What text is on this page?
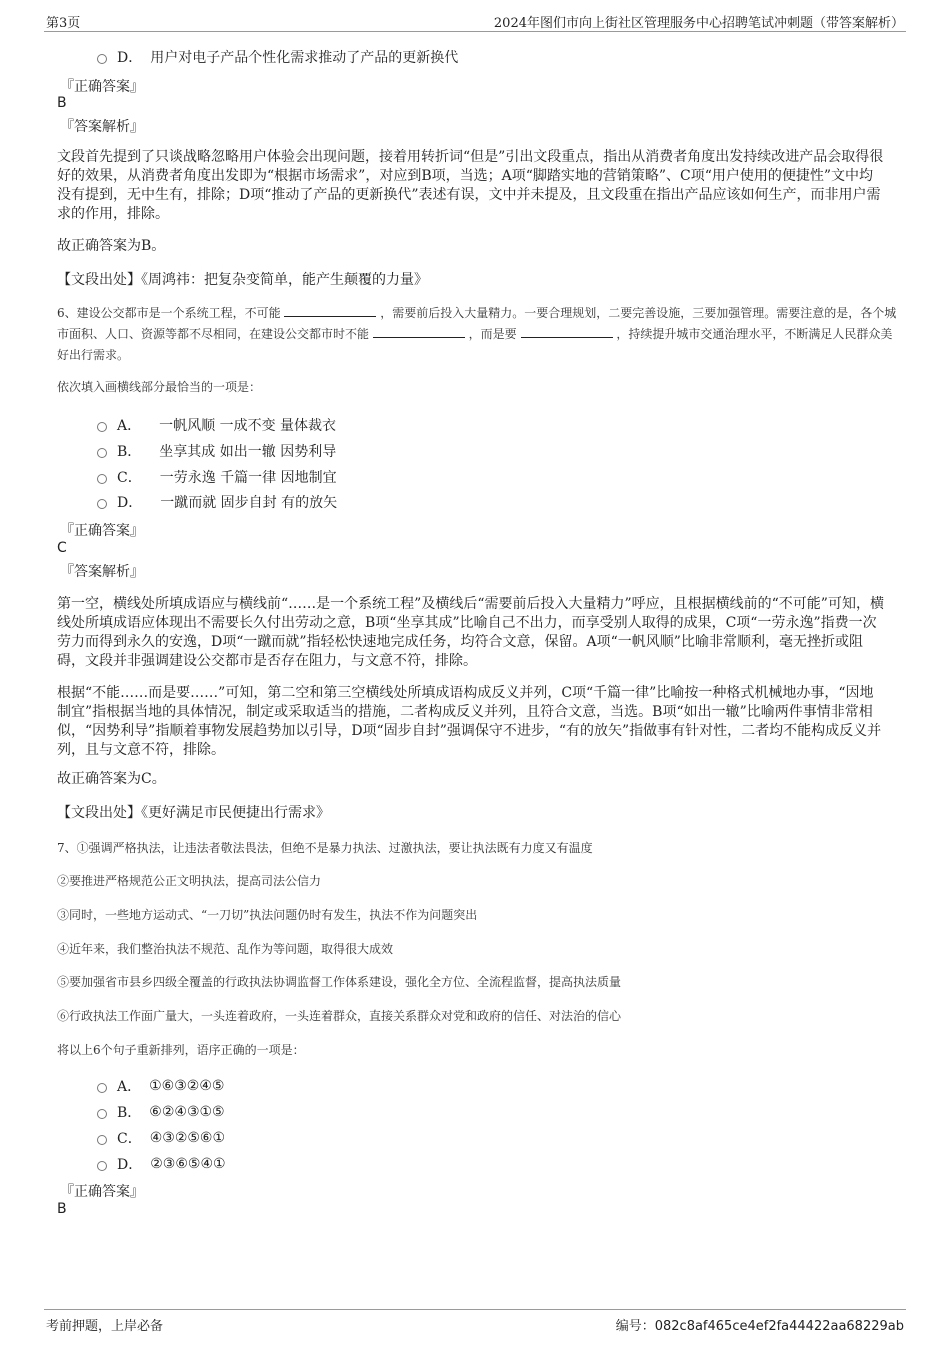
第3页	2024年图们市向上街社区管理服务中心招聘笔试冲刺题（带答案解析）
D． 用户对电子产品个性化需求推动了产品的更新换代
『正确答案』
B
『答案解析』
文段首先提到了只谈战略忽略用户体验会出现问题，接着用转折词“但是”引出文段重点，指出从消费者角度出发持续改进产品会取得很好的效果，从消费者角度出发即为“根据市场需求”，对应到B项，当选；A项“脚踏实地的营销策略”、C项“用户使用的便捷性”文中均没有提到，无中生有，排除；D项“推动了产品的更新换代”表述有误，文中并未提及，且文段重在指出产品应该如何生产，而非用户需求的作用，排除。
故正确答案为B。
【文段出处】《周鸿祎：把复杂变简单，能产生颠覆的力量》
6、建设公交都市是一个系统工程，不可能	，需要前后投入大量精力。一要合理规划，二要完善设施，三要加强管理。需要注意的是，各个城市面积、人口、资源等都不尽相同，在建设公交都市时不能	，而是要	，持续提升城市交通治理水平，不断满足人民群众美好出行需求。
依次填入画横线部分最恰当的一项是：
A． 一帆风顺 一成不变 量体裁衣
B． 坐享其成 如出一辙 因势利导
C． 一劳永逸 千篇一律 因地制宜
D． 一蹴而就 固步自封 有的放矢
『正确答案』
C
『答案解析』
第一空，横线处所填成语应与横线前“……是一个系统工程”及横线后“需要前后投入大量精力”呼应，且根据横线前的“不可能”可知，横线处所填成语应体现出不需要长久付出劳动之意，B项“坐享其成”比喻自己不出力，而享受别人取得的成果，C项“一劳永逸”指费一次劳力而得到永久的安逸，D项“一蹴而就”指轻松快速地完成任务，均符合文意，保留。A项“一帆风顺”比喻非常顺利，毫无挫折或阻碍，文段并非强调建设公交都市是否存在阻力，与文意不符，排除。
根据“不能……而是要……”可知，第二空和第三空横线处所填成语构成反义并列，C项“千篇一律”比喻按一种格式机械地办事，“因地制宜”指根据当地的具体情况，制定或采取适当的措施，二者构成反义并列，且符合文意，当选。B项“如出一辙”比喻两件事情非常相似，“因势利导”指顺着事物发展趋势加以引导，D项“固步自封”强调保守不进步，“有的放矢”指做事有针对性，二者均不能构成反义并列，且与文意不符，排除。
故正确答案为C。
【文段出处】《更好满足市民便捷出行需求》
7、①强调严格执法，让违法者敬法畏法，但绝不是暴力执法、过激执法，要让执法既有力度又有温度
②要推进严格规范公正文明执法，提高司法公信力
③同时，一些地方运动式、“一刀切”执法问题仍时有发生，执法不作为问题突出
④近年来，我们整治执法不规范、乱作为等问题，取得很大成效
⑤要加强省市县乡四级全覆盖的行政执法协调监督工作体系建设，强化全方位、全流程监督，提高执法质量
⑥行政执法工作面广量大，一头连着政府，一头连着群众，直接关系群众对党和政府的信任、对法治的信心
将以上6个句子重新排列，语序正确的一项是：
A． ①⑥③②④⑤
B． ⑥②④③①⑤
C． ④③②⑤⑥①
D． ②③⑥⑤④①
『正确答案』
B
考前押题，上岸必备	编号：082c8af465ce4ef2fa44422aa68229ab
